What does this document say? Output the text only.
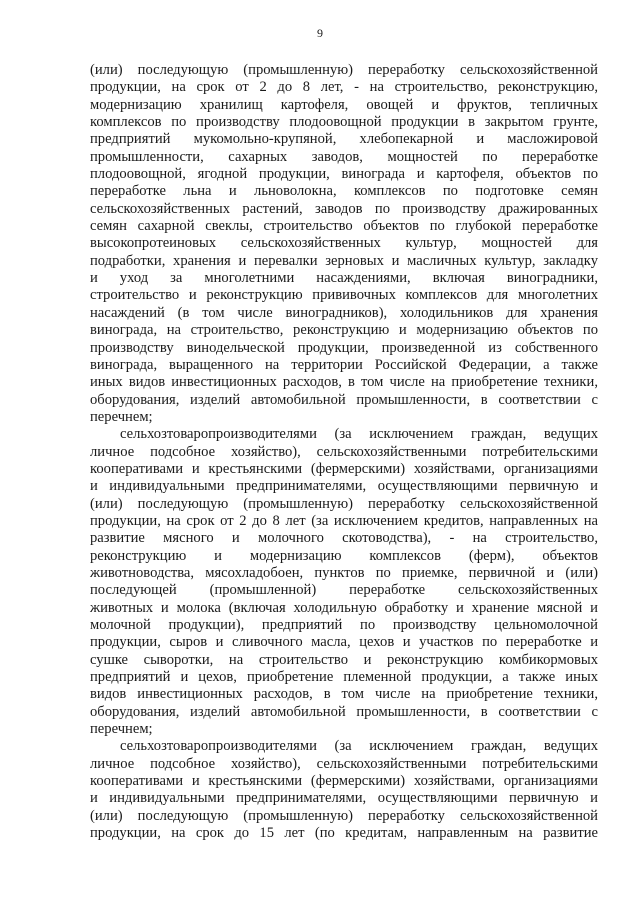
9
(или) последующую (промышленную) переработку сельскохозяйственной
продукции, на срок от 2 до 8 лет, - на строительство, реконструкцию,
модернизацию хранилищ картофеля, овощей и фруктов, тепличных
комплексов по производству плодоовощной продукции в закрытом грунте,
предприятий мукомольно-крупяной, хлебопекарной и масложировой
промышленности, сахарных заводов, мощностей по переработке
плодоовощной, ягодной продукции, винограда и картофеля, объектов по
переработке льна и льноволокна, комплексов по подготовке семян
сельскохозяйственных растений, заводов по производству дражированных
семян сахарной свеклы, строительство объектов по глубокой переработке
высокопротеиновых сельскохозяйственных культур, мощностей для
подработки, хранения и перевалки зерновых и масличных культур, закладку
и уход за многолетними насаждениями, включая виноградники,
строительство и реконструкцию прививочных комплексов для многолетних
насаждений (в том числе виноградников), холодильников для хранения
винограда, на строительство, реконструкцию и модернизацию объектов по
производству винодельческой продукции, произведенной из собственного
винограда, выращенного на территории Российской Федерации, а также
иных видов инвестиционных расходов, в том числе на приобретение техники,
оборудования, изделий автомобильной промышленности, в соответствии с
перечнем;
сельхозтоваропроизводителями (за исключением граждан, ведущих
личное подсобное хозяйство), сельскохозяйственными потребительскими
кооперативами и крестьянскими (фермерскими) хозяйствами, организациями
и индивидуальными предпринимателями, осуществляющими первичную и
(или) последующую (промышленную) переработку сельскохозяйственной
продукции, на срок от 2 до 8 лет (за исключением кредитов, направленных на
развитие мясного и молочного скотоводства), - на строительство,
реконструкцию и модернизацию комплексов (ферм), объектов
животноводства, мясохладобоен, пунктов по приемке, первичной и (или)
последующей (промышленной) переработке сельскохозяйственных
животных и молока (включая холодильную обработку и хранение мясной и
молочной продукции), предприятий по производству цельномолочной
продукции, сыров и сливочного масла, цехов и участков по переработке и
сушке сыворотки, на строительство и реконструкцию комбикормовых
предприятий и цехов, приобретение племенной продукции, а также иных
видов инвестиционных расходов, в том числе на приобретение техники,
оборудования, изделий автомобильной промышленности, в соответствии с
перечнем;
сельхозтоваропроизводителями (за исключением граждан, ведущих
личное подсобное хозяйство), сельскохозяйственными потребительскими
кооперативами и крестьянскими (фермерскими) хозяйствами, организациями
и индивидуальными предпринимателями, осуществляющими первичную и
(или) последующую (промышленную) переработку сельскохозяйственной
продукции, на срок до 15 лет (по кредитам, направленным на развитие
